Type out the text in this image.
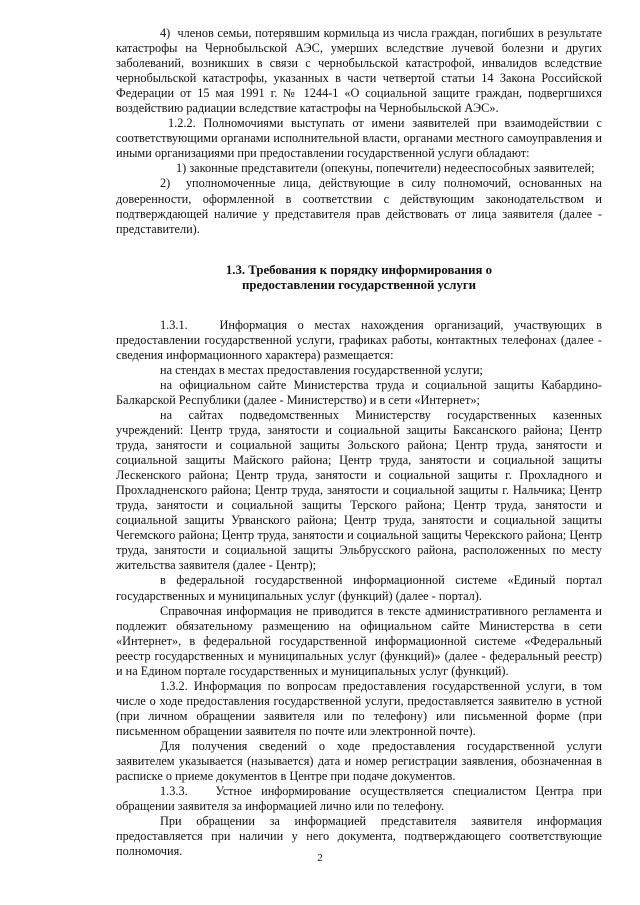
4)  членов семьи, потерявшим кормильца из числа граждан, погибших в результате катастрофы на Чернобыльской АЭС, умерших вследствие лучевой болезни и других заболеваний, возникших в связи с чернобыльской катастрофой, инвалидов вследствие чернобыльской катастрофы, указанных в части четвертой статьи 14 Закона Российской Федерации от 15 мая 1991 г. № 1244-1 «О социальной защите граждан, подвергшихся воздействию радиации вследствие катастрофы на Чернобыльской АЭС».

1.2.2. Полномочиями выступать от имени заявителей при взаимодействии с соответствующими органами исполнительной власти, органами местного самоуправления и иными организациями при предоставлении государственной услуги обладают:

1) законные представители (опекуны, попечители) недееспособных заявителей;

2)  уполномоченные лица, действующие в силу полномочий, основанных на доверенности, оформленной в соответствии с действующим законодательством и подтверждающей наличие у представителя прав действовать от лица заявителя (далее - представители).

1.3. Требования к порядку информирования о
предоставлении государственной услуги

1.3.1.   Информация о местах нахождения организаций, участвующих в предоставлении государственной услуги, графиках работы, контактных телефонах (далее - сведения информационного характера) размещается:

на стендах в местах предоставления государственной услуги;

на официальном сайте Министерства труда и социальной защиты Кабардино-Балкарской Республики (далее - Министерство) и в сети «Интернет»;

на сайтах подведомственных Министерству государственных казенных учреждений: Центр труда, занятости и социальной защиты Баксанского района; Центр труда, занятости и социальной защиты Зольского района; Центр труда, занятости и социальной защиты Майского района; Центр труда, занятости и социальной защиты Лескенского района; Центр труда, занятости и социальной защиты г. Прохладного и Прохладненского района; Центр труда, занятости и социальной защиты г. Нальчика; Центр труда, занятости и социальной защиты Терского района; Центр труда, занятости и социальной защиты Урванского района; Центр труда, занятости и социальной защиты Чегемского района; Центр труда, занятости и социальной защиты Черекского района; Центр труда, занятости и социальной защиты Эльбрусского района, расположенных по месту жительства заявителя (далее - Центр);

в федеральной государственной информационной системе «Единый портал государственных и муниципальных услуг (функций) (далее - портал).

Справочная информация не приводится в тексте административного регламента и подлежит обязательному размещению на официальном сайте Министерства в сети «Интернет», в федеральной государственной информационной системе «Федеральный реестр государственных и муниципальных услуг (функций)» (далее - федеральный реестр) и на Едином портале государственных и муниципальных услуг (функций).

1.3.2. Информация по вопросам предоставления государственной услуги, в том числе о ходе предоставления государственной услуги, предоставляется заявителю в устной (при личном обращении заявителя или по телефону) или письменной форме (при письменном обращении заявителя по почте или электронной почте).

Для получения сведений о ходе предоставления государственной услуги заявителем указывается (называется) дата и номер регистрации заявления, обозначенная в расписке о приеме документов в Центре при подаче документов.

1.3.3.   Устное информирование осуществляется специалистом Центра при обращении заявителя за информацией лично или по телефону.

При обращении за информацией представителя заявителя информация предоставляется при наличии у него документа, подтверждающего соответствующие полномочия.	2
